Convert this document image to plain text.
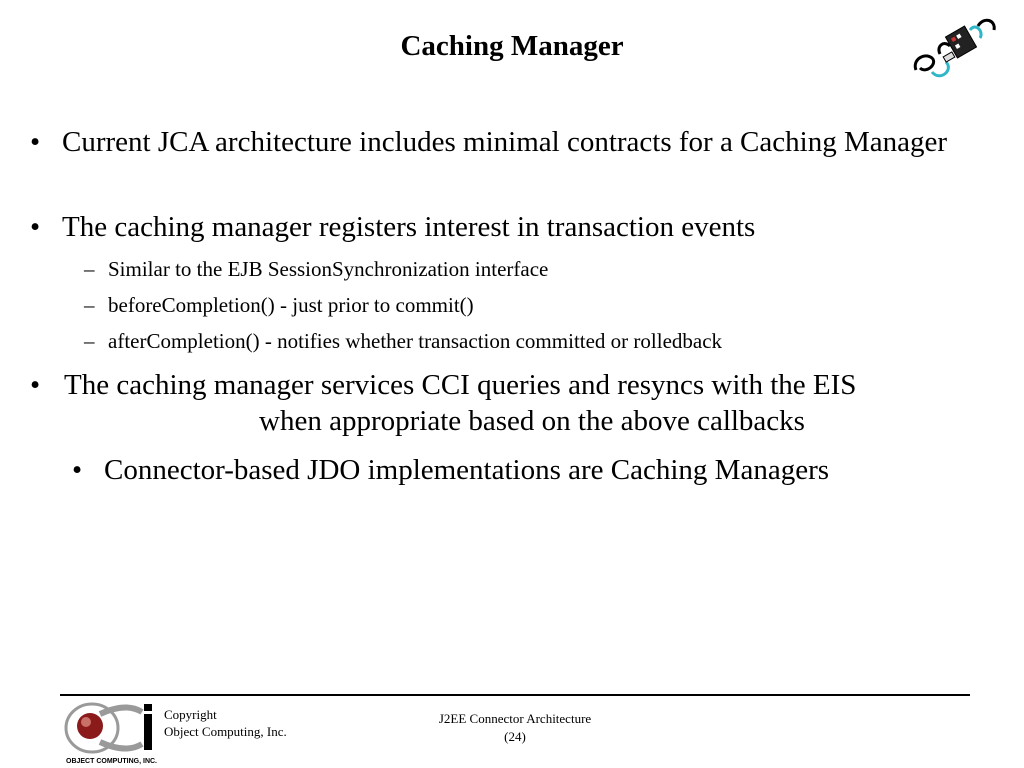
Caching Manager
• Current JCA architecture includes minimal contracts for a Caching Manager
• The caching manager registers interest in transaction events
– Similar to the EJB SessionSynchronization interface
– beforeCompletion() - just prior to commit()
– afterCompletion() - notifies whether transaction committed or rolledback
• The caching manager services CCI queries and resyncs with the EIS
when appropriate based on the above callbacks
• Connector-based JDO implementations are Caching Managers
OBJECT COMPUTING, INC.
Copyright
Object Computing, Inc.
J2EE Connector Architecture
(24)
